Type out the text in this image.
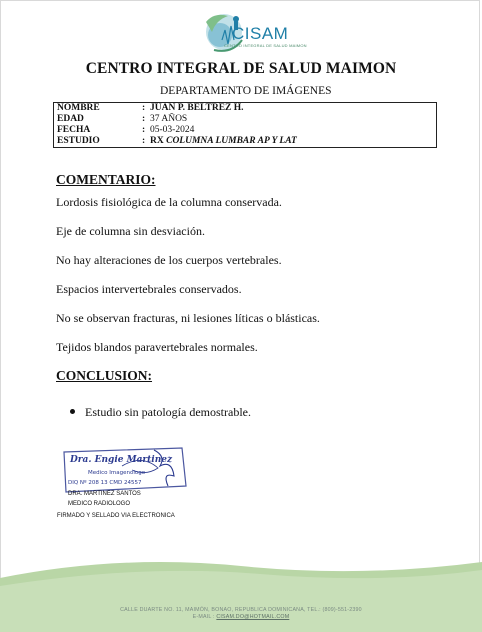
CISAM
CENTRO INTEGRAL DE SALUD MAIMON
CENTRO INTEGRAL DE SALUD MAIMON
DEPARTAMENTO DE IMÁGENES
NOMBRE	: JUAN P. BELTREZ H.
EDAD	: 37 AÑOS
FECHA	: 05-03-2024
ESTUDIO	: RX COLUMNA LUMBAR AP Y LAT
COMENTARIO:
Lordosis fisiológica de la columna conservada.
Eje de columna sin desviación.
No hay alteraciones de los cuerpos vertebrales.
Espacios intervertebrales conservados.
No se observan fracturas, ni lesiones líticas o blásticas.
Tejidos blandos paravertebrales normales.
CONCLUSION:
Estudio sin patología demostrable.
Dra. Engie Martinez
Medico Imagenologo
DIQ Nº 208 13 CMD 24557
DRA. MARTINEZ SANTOS
MEDICO RADIOLOGO
FIRMADO Y SELLADO VIA ELECTRONICA
CALLE DUARTE NO. 11, MAIMÓN, BONAO, REPUBLICA DOMINICANA, TEL.: (809)-551-2390
E-MAIL : CISAM.DO@HOTMAIL.COM
